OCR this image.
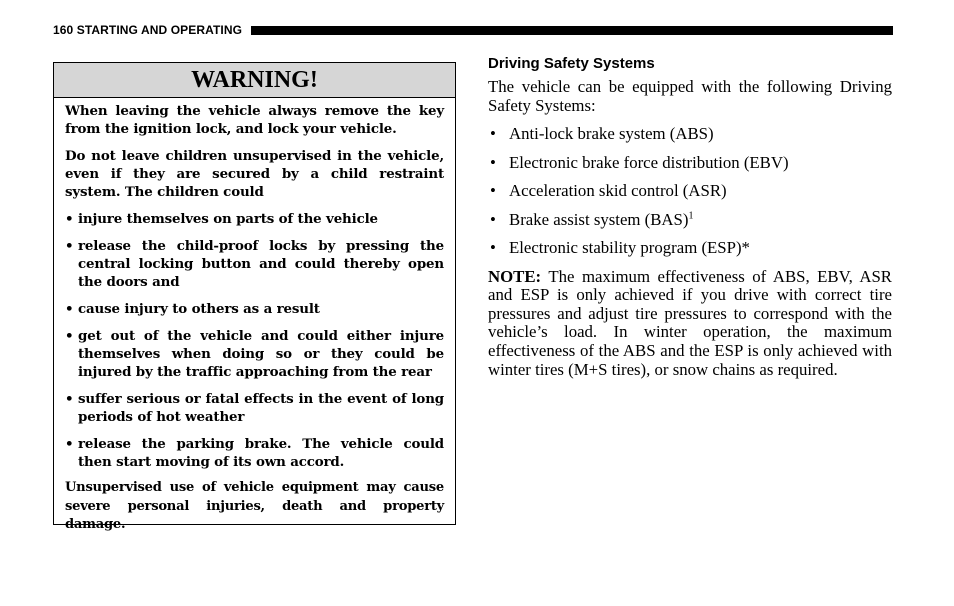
160 STARTING AND OPERATING
WARNING!

When leaving the vehicle always remove the key from the ignition lock, and lock your vehicle.

Do not leave children unsupervised in the vehicle, even if they are secured by a child restraint system. The children could

• injure themselves on parts of the vehicle
• release the child-proof locks by pressing the central locking button and could thereby open the doors and
• cause injury to others as a result
• get out of the vehicle and could either injure themselves when doing so or they could be injured by the traffic approaching from the rear
• suffer serious or fatal effects in the event of long periods of hot weather
• release the parking brake. The vehicle could then start moving of its own accord.

Unsupervised use of vehicle equipment may cause severe personal injuries, death and property damage.

Driving Safety Systems

The vehicle can be equipped with the following Driving Safety Systems:

• Anti-lock brake system (ABS)
• Electronic brake force distribution (EBV)
• Acceleration skid control (ASR)
• Brake assist system (BAS)$^1$
• Electronic stability program (ESP)*

NOTE: The maximum effectiveness of ABS, EBV, ASR and ESP is only achieved if you drive with correct tire pressures and adjust tire pressures to correspond with the vehicle’s load. In winter operation, the maximum effectiveness of the ABS and the ESP is only achieved with winter tires (M+S tires), or snow chains as required.
